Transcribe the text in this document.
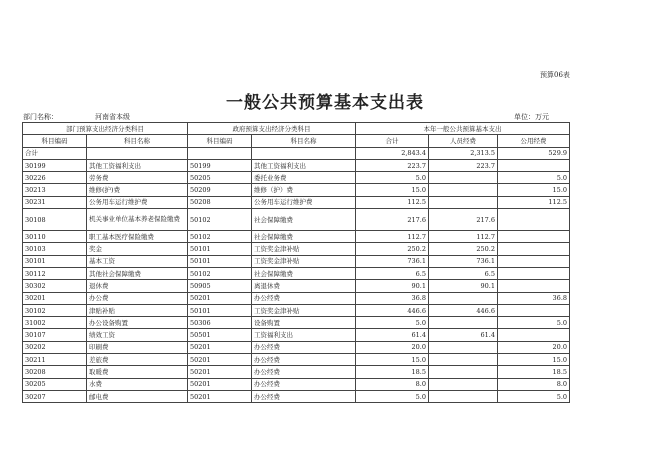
预算06表
一般公共预算基本支出表
部门名称：	河南省本级	单位：万元
部门预算支出经济分类科目		政府预算支出经济分类科目		本年一般公共预算基本支出		
科目编码	科目名称	科目编码	科目名称	合计	人员经费	公用经费
合计				2,843.4	2,313.5	529.9
30199	其他工资福利支出	50199	其他工资福利支出	223.7	223.7	
30226	劳务费	50205	委托业务费	5.0		5.0
30213	维修(护)费	50209	维修（护）费	15.0		15.0
30231	公务用车运行维护费	50208	公务用车运行维护费	112.5		112.5
30108	机关事业单位基本养老保险缴费	50102	社会保障缴费	217.6	217.6	
30110	职工基本医疗保险缴费	50102	社会保障缴费	112.7	112.7	
30103	奖金	50101	工资奖金津补贴	250.2	250.2	
30101	基本工资	50101	工资奖金津补贴	736.1	736.1	
30112	其他社会保障缴费	50102	社会保障缴费	6.5	6.5	
30302	退休费	50905	离退休费	90.1	90.1	
30201	办公费	50201	办公经费	36.8		36.8
30102	津贴补贴	50101	工资奖金津补贴	446.6	446.6	
31002	办公设备购置	50306	设备购置	5.0		5.0
30107	绩效工资	50501	工资福利支出	61.4	61.4	
30202	印刷费	50201	办公经费	20.0		20.0
30211	差旅费	50201	办公经费	15.0		15.0
30208	取暖费	50201	办公经费	18.5		18.5
30205	水费	50201	办公经费	8.0		8.0
30207	邮电费	50201	办公经费	5.0		5.0
